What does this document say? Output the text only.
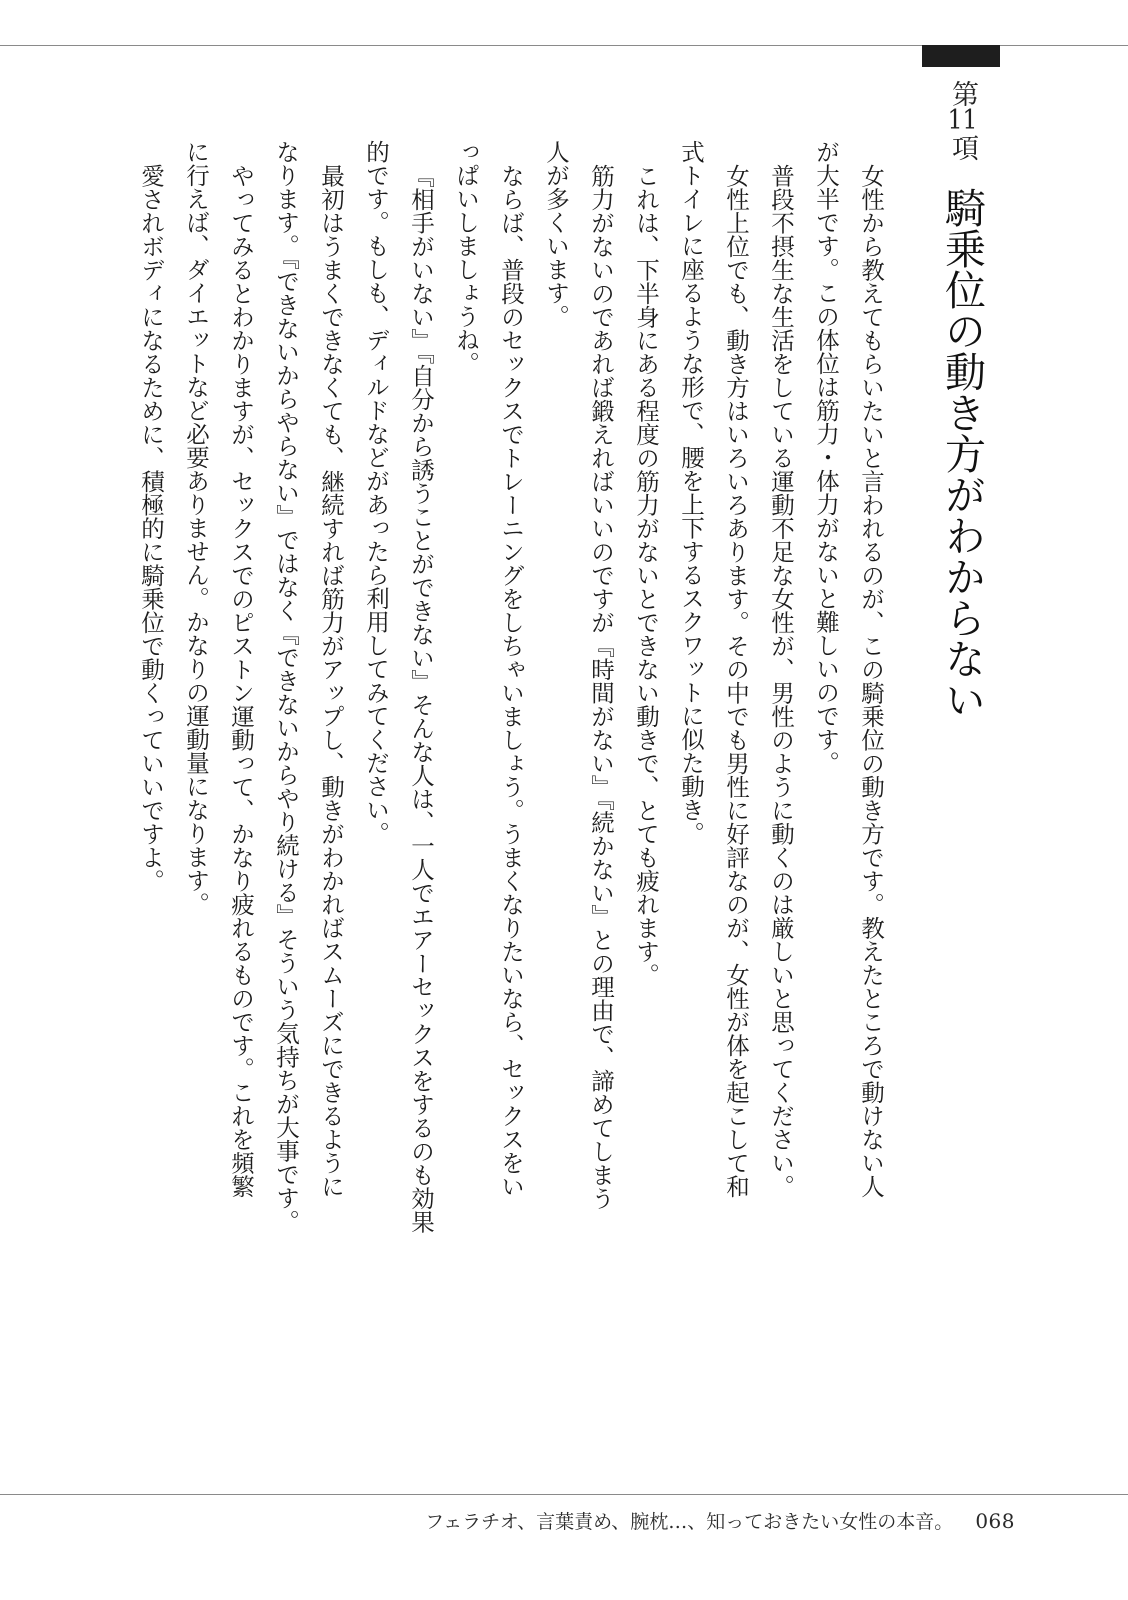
第11項
騎乗位の動き方がわからない

女性から教えてもらいたいと言われるのが、この騎乗位の動き方です。教えたところで動けない人

が大半です。この体位は筋力・体力がないと難しいのです。

普段不摂生な生活をしている運動不足な女性が、男性のように動くのは厳しいと思ってください。

女性上位でも、動き方はいろいろあります。その中でも男性に好評なのが、女性が体を起こして和

式トイレに座るような形で、腰を上下するスクワットに似た動き。

これは、下半身にある程度の筋力がないとできない動きで、とても疲れます。

筋力がないのであれば鍛えればいいのですが『時間がない』『続かない』との理由で、諦めてしまう

人が多くいます。

ならば、普段のセックスでトレーニングをしちゃいましょう。うまくなりたいなら、セックスをい

っぱいしましょうね。

『相手がいない』『自分から誘うことができない』そんな人は、一人でエアーセックスをするのも効果

的です。もしも、ディルドなどがあったら利用してみてください。

最初はうまくできなくても、継続すれば筋力がアップし、動きがわかればスムーズにできるように

なります。『できないからやらない』ではなく『できないからやり続ける』そういう気持ちが大事です。

やってみるとわかりますが、セックスでのピストン運動って、かなり疲れるものです。これを頻繁

に行えば、ダイエットなど必要ありません。かなりの運動量になります。

愛されボディになるために、積極的に騎乗位で動くっていいですよ。

フェラチオ、言葉責め、腕枕…、知っておきたい女性の本音。 068
